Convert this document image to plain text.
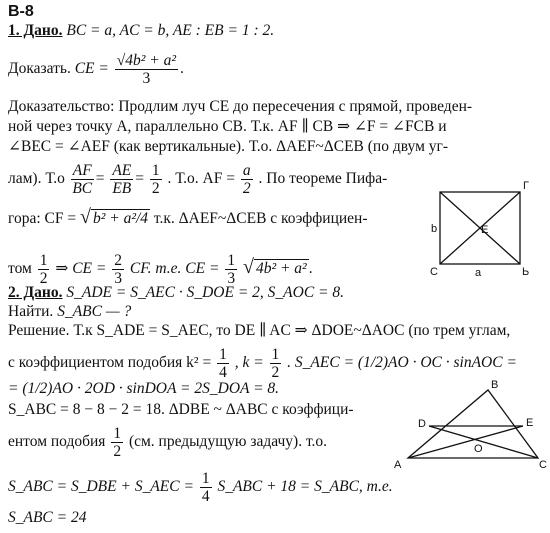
В-8
1. Дано. BC = a, AC = b, AE : EB = 1 : 2.
Доказать. CE = $\frac{\text{√4b² + a²}}{3}$ .
Доказательство: Продлим луч CE до пересечения с прямой, проведен-
ной через точку A, параллельно CB. Т.к. AF ∥ CB ⇒ ∠F = ∠FCB и
∠BEC = ∠AEF (как вертикальные). Т.о. ΔAEF~ΔCEB (по двум уг-
лам). $Т.о \frac{AF}{BC} = \frac{AE}{EB} = \frac{1}{2}$ . Т.о. AF = $\frac{a}{2}$ . По теореме Пифа-
гора: CF = √ b² + a²/4 т.к. ΔAEF~ΔCEB с коэффициен-
том $\frac{1}{2}$ ⇒ CE = $\frac{2}{3}$ CF. т.е. CE = $\frac{1}{3}$ √ 4b² + a² .
Г
b	E
C	a	Ь
2. Дано. S_ADE = S_AEC · S_DOE = 2, S_AOC = 8.
Найти. S_ABC — ?
Решение. Т.к S_ADE = S_AEC, то DE ∥ AC ⇒ ΔDOE~ΔAOC (по трем углам,
с коэффициентом подобия $k^2 = \frac{1}{4}$ , $k = \frac{1}{2}$ . S_AEC = (1/2)AO · OC · sinAOC =
= (1/2)AO · 2OD · sinDOA = 2S_DOA = 8.
S_ABC = 8 − 8 − 2 = 18. ΔDBE ~ ΔABC с коэффици-
ентом подобия $\frac{1}{2} (см$. предыдущую задачу). т.о.
S_ABC = S_DBE + S_AEC = $\frac{1}{4}$ S_ABC + 18 = S_ABC, т.е.
S_ABC = 24
B
D	E
O
A	C
